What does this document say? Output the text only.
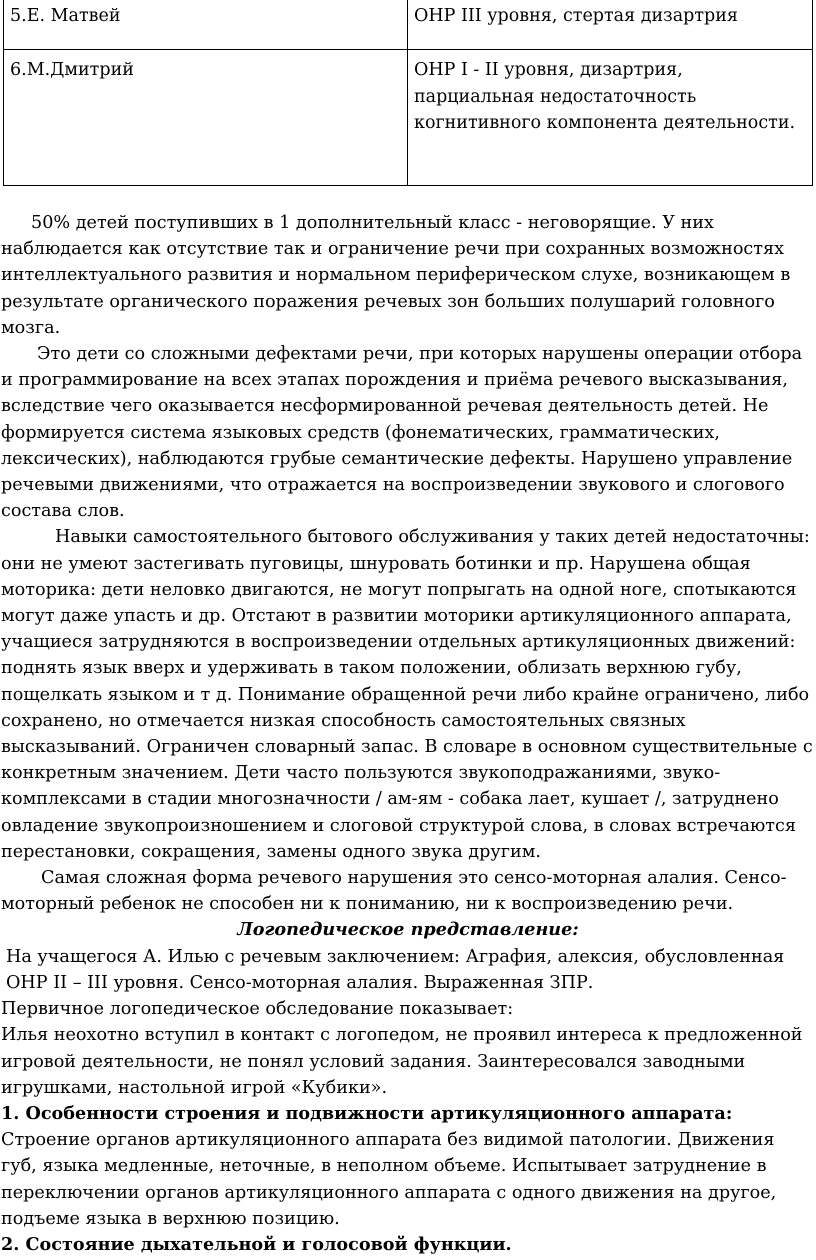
5.Е. Матвей	ОНР III уровня, стертая дизартрия
6.М.Дмитрий	ОНР I - II уровня, дизартрия, парциальная недостаточность когнитивного компонента деятельности.

50% детей поступивших в 1 дополнительный класс - неговорящие. У них наблюдается как отсутствие так и ограничение речи при сохранных возможностях интеллектуального развития и нормальном периферическом слухе, возникающем в результате органического поражения речевых зон больших полушарий головного мозга.

Это дети со сложными дефектами речи, при которых нарушены операции отбора и программирование на всех этапах порождения и приёма речевого высказывания, вследствие чего оказывается несформированной речевая деятельность детей. Не формируется система языковых средств (фонематических, грамматических, лексических), наблюдаются грубые семантические дефекты. Нарушено управление речевыми движениями, что отражается на воспроизведении звукового и слогового состава слов.

Навыки самостоятельного бытового обслуживания у таких детей недостаточны: они не умеют застегивать пуговицы, шнуровать ботинки и пр. Нарушена общая моторика: дети неловко двигаются, не могут попрыгать на одной ноге, спотыкаются могут даже упасть и др. Отстают в развитии моторики артикуляционного аппарата, учащиеся затрудняются в воспроизведении отдельных артикуляционных движений: поднять язык вверх и удерживать в таком положении, облизать верхнюю губу, пощелкать языком и т д. Понимание обращенной речи либо крайне ограничено, либо сохранено, но отмечается низкая способность самостоятельных связных высказываний. Ограничен словарный запас. В словаре в основном существительные с конкретным значением. Дети часто пользуются звукоподражаниями, звуко-комплексами в стадии многозначности / ам-ям - собака лает, кушает /, затруднено овладение звукопроизношением и слоговой структурой слова, в словах встречаются перестановки, сокращения, замены одного звука другим.

Самая сложная форма речевого нарушения это сенсо-моторная алалия. Сенсо-моторный ребенок не способен ни к пониманию, ни к воспроизведению речи.

Логопедическое представление:

На учащегося А. Илью с речевым заключением: Аграфия, алексия, обусловленная ОНР II – III уровня. Сенсо-моторная алалия. Выраженная ЗПР.

Первичное логопедическое обследование показывает:

Илья неохотно вступил в контакт с логопедом, не проявил интереса к предложенной игровой деятельности, не понял условий задания. Заинтересовался заводными игрушками, настольной игрой «Кубики».

1. Особенности строения и подвижности артикуляционного аппарата:

Строение органов артикуляционного аппарата без видимой патологии. Движения губ, языка медленные, неточные, в неполном объеме. Испытывает затруднение в переключении органов артикуляционного аппарата с одного движения на другое, подъеме языка в верхнюю позицию.

2. Состояние дыхательной и голосовой функции.
